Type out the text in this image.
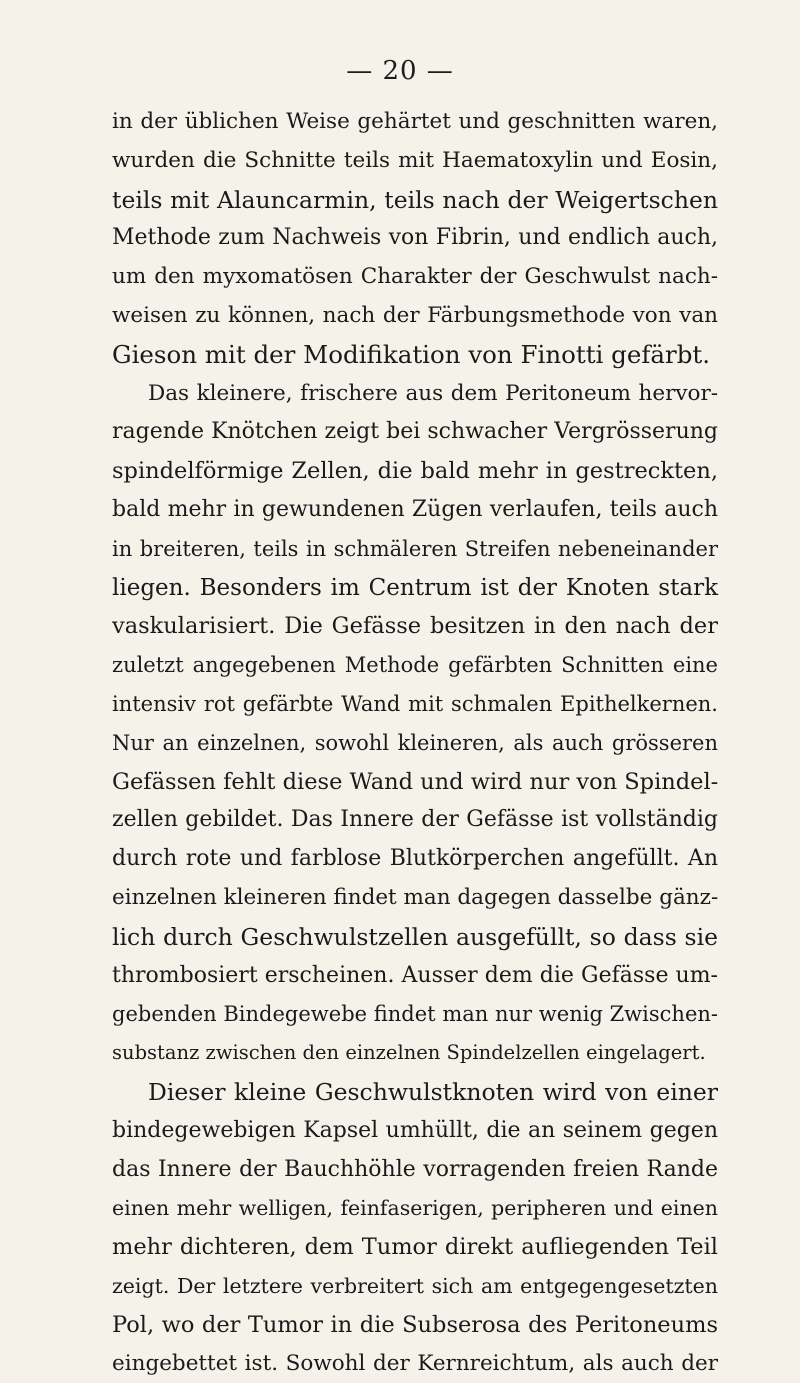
— 20 —
in der üblichen Weise gehärtet und geschnitten waren,
wurden die Schnitte teils mit Haematoxylin und Eosin,
teils mit Alauncarmin, teils nach der Weigertschen
Methode zum Nachweis von Fibrin, und endlich auch,
um den myxomatösen Charakter der Geschwulst nach-
weisen zu können, nach der Färbungsmethode von van
Gieson mit der Modifikation von Finotti gefärbt.
Das kleinere, frischere aus dem Peritoneum hervor-
ragende Knötchen zeigt bei schwacher Vergrösserung
spindelförmige Zellen, die bald mehr in gestreckten,
bald mehr in gewundenen Zügen verlaufen, teils auch
in breiteren, teils in schmäleren Streifen nebeneinander
liegen. Besonders im Centrum ist der Knoten stark
vaskularisiert. Die Gefässe besitzen in den nach der
zuletzt angegebenen Methode gefärbten Schnitten eine
intensiv rot gefärbte Wand mit schmalen Epithelkernen.
Nur an einzelnen, sowohl kleineren, als auch grösseren
Gefässen fehlt diese Wand und wird nur von Spindel-
zellen gebildet. Das Innere der Gefässe ist vollständig
durch rote und farblose Blutkörperchen angefüllt. An
einzelnen kleineren findet man dagegen dasselbe gänz-
lich durch Geschwulstzellen ausgefüllt, so dass sie
thrombosiert erscheinen. Ausser dem die Gefässe um-
gebenden Bindegewebe findet man nur wenig Zwischen-
substanz zwischen den einzelnen Spindelzellen eingelagert.
Dieser kleine Geschwulstknoten wird von einer
bindegewebigen Kapsel umhüllt, die an seinem gegen
das Innere der Bauchhöhle vorragenden freien Rande
einen mehr welligen, feinfaserigen, peripheren und einen
mehr dichteren, dem Tumor direkt aufliegenden Teil
zeigt. Der letztere verbreitert sich am entgegengesetzten
Pol, wo der Tumor in die Subserosa des Peritoneums
eingebettet ist. Sowohl der Kernreichtum, als auch der
